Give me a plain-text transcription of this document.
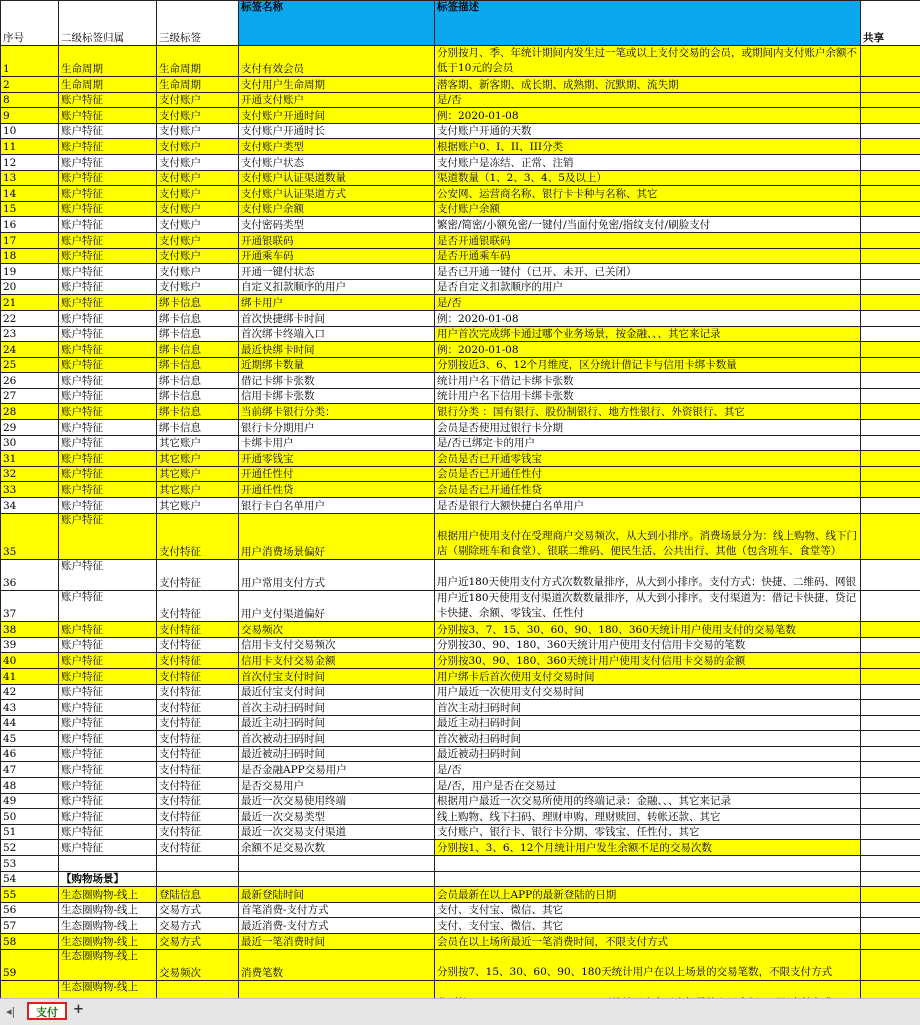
序号	二级标签归属	三级标签	标签名称	标签描述	共享
1	生命周期	生命周期	支付有效会员	分别按月、季、年统计期间内发生过一笔或以上支付交易的会员，或期间内支付账户余额不低于10元的会员	
2	生命周期	生命周期	支付用户生命周期	潜客期、新客期、成长期、成熟期、沉默期、流失期	
8	账户特征	支付账户	开通支付账户	是/否	
9	账户特征	支付账户	支付账户开通时间	例：2020-01-08	
10	账户特征	支付账户	支付账户开通时长	支付账户开通的天数	
11	账户特征	支付账户	支付账户类型	根据账户0、I、II、III分类	
12	账户特征	支付账户	支付账户状态	支付账户是冻结、正常、注销	
13	账户特征	支付账户	支付账户认证渠道数量	渠道数量（1、2、3、4、5及以上）	
14	账户特征	支付账户	支付账户认证渠道方式	公安网、运营商名称、银行卡卡种与名称、其它	
15	账户特征	支付账户	支付账户余额	支付账户余额	
16	账户特征	支付账户	支付密码类型	繁密/简密/小额免密/一键付/当面付免密/指纹支付/刷脸支付	
17	账户特征	支付账户	开通银联码	是否开通银联码	
18	账户特征	支付账户	开通乘车码	是否开通乘车码	
19	账户特征	支付账户	开通一键付状态	是否已开通一键付（已开、未开、已关闭）	
20	账户特征	支付账户	自定义扣款顺序的用户	是否自定义扣款顺序的用户	
21	账户特征	绑卡信息	绑卡用户	是/否	
22	账户特征	绑卡信息	首次快捷绑卡时间	例：2020-01-08	
23	账户特征	绑卡信息	首次绑卡终端入口	用户首次完成绑卡通过哪个业务场景，按金融、、、其它来记录	
24	账户特征	绑卡信息	最近快绑卡时间	例：2020-01-08	
25	账户特征	绑卡信息	近期绑卡数量	分别按近3、6、12个月维度，区分统计借记卡与信用卡绑卡数量	
26	账户特征	绑卡信息	借记卡绑卡张数	统计用户名下借记卡绑卡张数	
27	账户特征	绑卡信息	信用卡绑卡张数	统计用户名下信用卡绑卡张数	
28	账户特征	绑卡信息	当前绑卡银行分类：	银行分类 ：国有银行、股份制银行、地方性银行、外资银行、其它	
29	账户特征	绑卡信息	银行卡分期用户	会员是否使用过银行卡分期	
30	账户特征	其它账户	卡绑卡用户	是/否已绑定卡的用户	
31	账户特征	其它账户	开通零钱宝	会员是否已开通零钱宝	
32	账户特征	其它账户	开通任性付	会员是否已开通任性付	
33	账户特征	其它账户	开通任性贷	会员是否已开通任性贷	
34	账户特征	其它账户	银行卡白名单用户	是否是银行大额快捷白名单用户	
35	账户特征	支付特征	用户消费场景偏好	根据用户使用支付在受理商户交易频次，从大到小排序。消费场景分为：线上购物、线下门店（剔除班车和食堂）、银联二维码、便民生活、公共出行、其他（包含班车、食堂等）	
36	账户特征	支付特征	用户常用支付方式	用户近180天使用支付方式次数数量排序，从大到小排序。支付方式：快捷、二维码、网银	
37	账户特征	支付特征	用户支付渠道偏好	用户近180天使用支付渠道次数数量排序，从大到小排序。支付渠道为：借记卡快捷、贷记卡快捷、余额、零钱宝、任性付	
38	账户特征	支付特征	交易频次	分别按3、7、15、30、60、90、180、360天统计用户使用支付的交易笔数	
39	账户特征	支付特征	信用卡支付交易频次	分别按30、90、180、360天统计用户使用支付信用卡交易的笔数	
40	账户特征	支付特征	信用卡支付交易金额	分别按30、90、180、360天统计用户使用支付信用卡交易的金额	
41	账户特征	支付特征	首次付宝支付时间	用户绑卡后首次使用支付交易时间	
42	账户特征	支付特征	最近付宝支付时间	用户最近一次使用支付交易时间	
43	账户特征	支付特征	首次主动扫码时间	首次主动扫码时间	
44	账户特征	支付特征	最近主动扫码时间	最近主动扫码时间	
45	账户特征	支付特征	首次被动扫码时间	首次被动扫码时间	
46	账户特征	支付特征	最近被动扫码时间	最近被动扫码时间	
47	账户特征	支付特征	是否金融APP交易用户	是/否	
48	账户特征	支付特征	是否交易用户	是/否，用户是否在交易过	
49	账户特征	支付特征	最近一次交易使用终端	根据用户最近一次交易所使用的终端记录：金融、、、其它来记录	
50	账户特征	支付特征	最近一次交易类型	线上购物、线下扫码、理财申购、理财赎回、转帐还款、其它	
51	账户特征	支付特征	最近一次交易支付渠道	支付账户、银行卡、银行卡分期、零钱宝、任性付、其它	
52	账户特征	支付特征	余额不足交易次数	分别按1、3、6、12个月统计用户发生余额不足的交易次数	
53					
54	【购物场景】				
55	生态圈购物-线上	登陆信息	最新登陆时间	会员最新在以上APP的最新登陆的日期	
56	生态圈购物-线上	交易方式	首笔消费-支付方式	支付、支付宝、微信、其它	
57	生态圈购物-线上	交易方式	最近消费-支付方式	支付、支付宝、微信、其它	
58	生态圈购物-线上	交易方式	最近一笔消费时间	会员在以上场所最近一笔消费时间，不限支付方式	
59	生态圈购物-线上	交易频次	消费笔数	分别按7、15、30、60、90、180天统计用户在以上场景的交易笔数，不限支付方式	
	生态圈购物-线上				
◂|	支付	+
